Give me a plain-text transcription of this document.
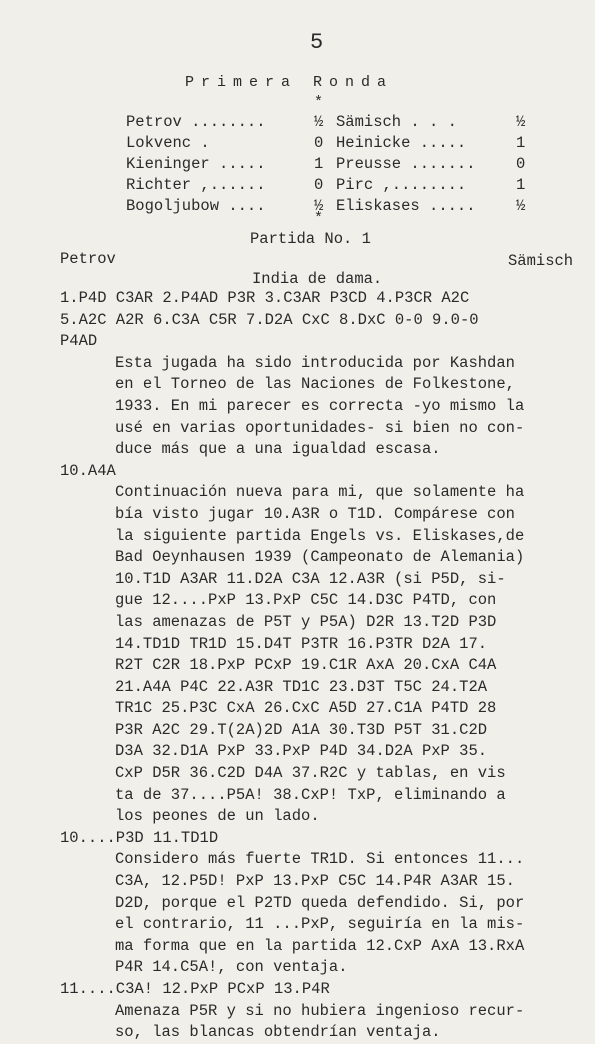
5
Primera Ronda
*
Petrov ........	½ Sämisch . . .	½
Lokvenc .	0 Heinicke .....	1
Kieninger .....	1 Preusse .......	0
Richter ,......	0 Pirc ,........	1
Bogoljubow ....	½ Eliskases .....	½
*
Partida No. 1
Petrov	Sämisch
India de dama.
1.P4D C3AR 2.P4AD P3R 3.C3AR P3CD 4.P3CR A2C
5.A2C A2R 6.C3A C5R 7.D2A CxC 8.DxC 0-0 9.0-0
P4AD
Esta jugada ha sido introducida por Kashdan
en el Torneo de las Naciones de Folkestone,
1933. En mi parecer es correcta -yo mismo la
usé en varias oportunidades- si bien no con-
duce más que a una igualdad escasa.
10.A4A
Continuación nueva para mi, que solamente ha
bía visto jugar 10.A3R o T1D. Compárese con
la siguiente partida Engels vs. Eliskases,de
Bad Oeynhausen 1939 (Campeonato de Alemania)
10.T1D A3AR 11.D2A C3A 12.A3R (si P5D, si-
gue 12....PxP 13.PxP C5C 14.D3C P4TD, con
las amenazas de P5T y P5A) D2R 13.T2D P3D
14.TD1D TR1D 15.D4T P3TR 16.P3TR D2A 17.
R2T C2R 18.PxP PCxP 19.C1R AxA 20.CxA C4A
21.A4A P4C 22.A3R TD1C 23.D3T T5C 24.T2A
TR1C 25.P3C CxA 26.CxC A5D 27.C1A P4TD 28
P3R A2C 29.T(2A)2D A1A 30.T3D P5T 31.C2D
D3A 32.D1A PxP 33.PxP P4D 34.D2A PxP 35.
CxP D5R 36.C2D D4A 37.R2C y tablas, en vis
ta de 37....P5A! 38.CxP! TxP, eliminando a
los peones de un lado.
10....P3D 11.TD1D
Considero más fuerte TR1D. Si entonces 11...
C3A, 12.P5D! PxP 13.PxP C5C 14.P4R A3AR 15.
D2D, porque el P2TD queda defendido. Si, por
el contrario, 11 ...PxP, seguiría en la mis-
ma forma que en la partida 12.CxP AxA 13.RxA
P4R 14.C5A!, con ventaja.
11....C3A! 12.PxP PCxP 13.P4R
Amenaza P5R y si no hubiera ingenioso recur-
so, las blancas obtendrían ventaja.
